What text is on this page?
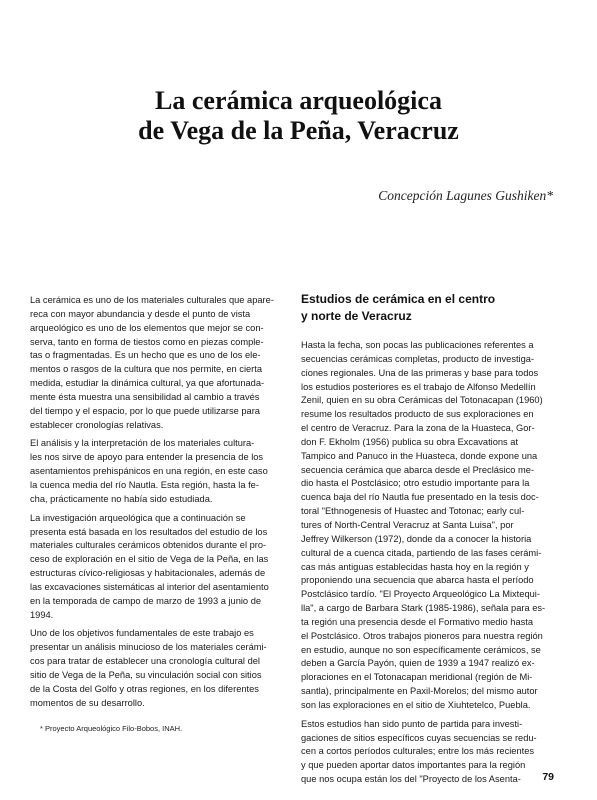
La cerámica arqueológica
de Vega de la Peña, Veracruz

Concepción Lagunes Gushiken*

La cerámica es uno de los materiales culturales que apare-
reca con mayor abundancia y desde el punto de vista
arqueológico es uno de los elementos que mejor se con-
serva, tanto en forma de tiestos como en piezas comple-
tas o fragmentadas. Es un hecho que es uno de los ele-
mentos o rasgos de la cultura que nos permite, en cierta
medida, estudiar la dinámica cultural, ya que afortunada-
mente ésta muestra una sensibilidad al cambio a través
del tiempo y el espacio, por lo que puede utilizarse para
establecer cronologías relativas.

El análisis y la interpretación de los materiales cultura-
les nos sirve de apoyo para entender la presencia de los
asentamientos prehispánicos en una región, en este caso
la cuenca media del río Nautla. Esta región, hasta la fe-
cha, prácticamente no había sido estudiada.

La investigación arqueológica que a continuación se
presenta está basada en los resultados del estudio de los
materiales culturales cerámicos obtenidos durante el pro-
ceso de exploración en el sitio de Vega de la Peña, en las
estructuras cívico-religiosas y habitacionales, además de
las excavaciones sistemáticas al interior del asentamiento
en la temporada de campo de marzo de 1993 a junio de
1994.

Uno de los objetivos fundamentales de este trabajo es
presentar un análisis minucioso de los materiales cerámi-
cos para tratar de establecer una cronología cultural del
sitio de Vega de la Peña, su vinculación social con sitios
de la Costa del Golfo y otras regiones, en los diferentes
momentos de su desarrollo.

Estudios de cerámica en el centro
y norte de Veracruz

Hasta la fecha, son pocas las publicaciones referentes a
secuencias cerámicas completas, producto de investiga-
ciones regionales. Una de las primeras y base para todos
los estudios posteriores es el trabajo de Alfonso Medellín
Zenil, quien en su obra Cerámicas del Totonacapan (1960)
resume los resultados producto de sus exploraciones en
el centro de Veracruz. Para la zona de la Huasteca, Gor-
don F. Ekholm (1956) publica su obra Excavations at
Tampico and Panuco in the Huasteca, donde expone una
secuencia cerámica que abarca desde el Preclásico me-
dio hasta el Postclásico; otro estudio importante para la
cuenca baja del río Nautla fue presentado en la tesis doc-
toral "Ethnogenesis of Huastec and Totonac; early cul-
tures of North-Central Veracruz at Santa Luisa", por
Jeffrey Wilkerson (1972), donde da a conocer la historia
cultural de a cuenca citada, partiendo de las fases cerámi-
cas más antiguas establecidas hasta hoy en la región y
proponiendo una secuencia que abarca hasta el período
Postclásico tardío. "El Proyecto Arqueológico La Mixtequi-
lla", a cargo de Barbara Stark (1985-1986), señala para es-
ta región una presencia desde el Formativo medio hasta
el Postclásico. Otros trabajos pioneros para nuestra región
en estudio, aunque no son específicamente cerámicos, se
deben a García Payón, quien de 1939 a 1947 realizó ex-
ploraciones en el Totonacapan meridional (región de Mi-
santla), principalmente en Paxil-Morelos; del mismo autor
son las exploraciones en el sitio de Xiuhtetelco, Puebla.

Estos estudios han sido punto de partida para investi-
gaciones de sitios específicos cuyas secuencias se redu-
cen a cortos períodos culturales; entre los más recientes
y que pueden aportar datos importantes para la región
que nos ocupa están los del "Proyecto de los Asenta-

* Proyecto Arqueológico Filo-Bobos, INAH.
79
